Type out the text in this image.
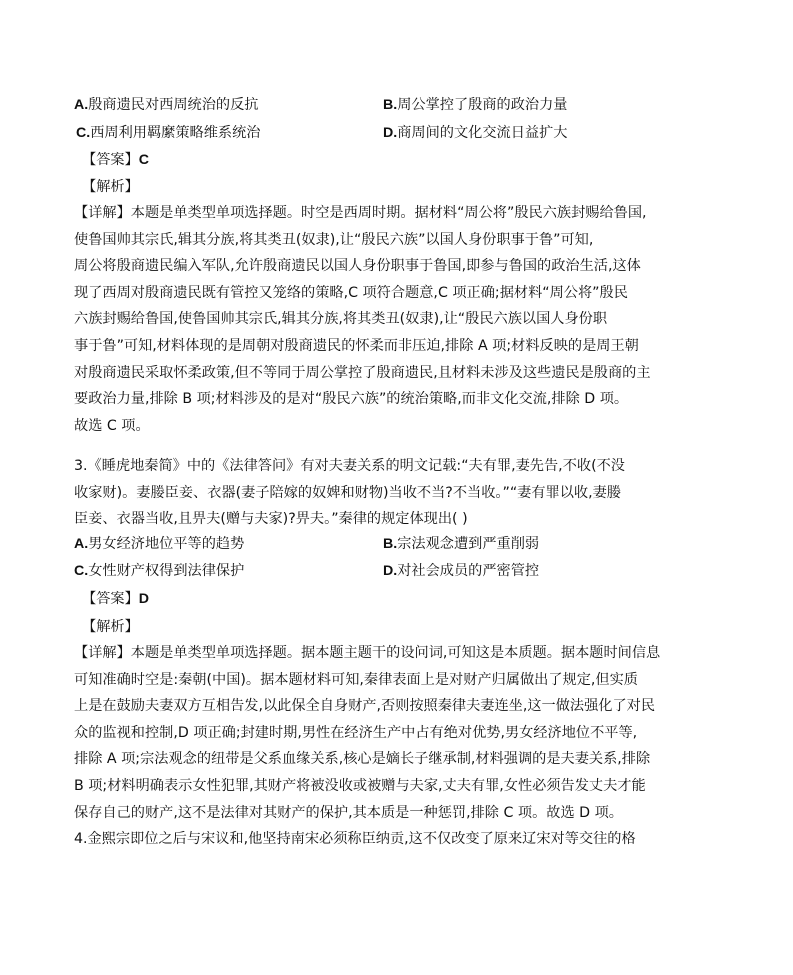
A.殷商遗民对西周统治的反抗	B.周公掌控了殷商的政治力量
C.西周利用羁縻策略维系统治	D.商周间的文化交流日益扩大
【答案】C
【解析】
【详解】本题是单类型单项选择题。时空是西周时期。据材料“周公将”殷民六族封赐给鲁国,
使鲁国帅其宗氏,辑其分族,将其类丑(奴隶),让“殷民六族”以国人身份职事于鲁”可知,
周公将殷商遗民编入军队,允许殷商遗民以国人身份职事于鲁国,即参与鲁国的政治生活,这体
现了西周对殷商遗民既有管控又笼络的策略,C 项符合题意,C 项正确;据材料“周公将”殷民
六族封赐给鲁国,使鲁国帅其宗氏,辑其分族,将其类丑(奴隶),让“殷民六族以国人身份职
事于鲁”可知,材料体现的是周朝对殷商遗民的怀柔而非压迫,排除 A 项;材料反映的是周王朝
对殷商遗民采取怀柔政策,但不等同于周公掌控了殷商遗民,且材料未涉及这些遗民是殷商的主
要政治力量,排除 B 项;材料涉及的是对“殷民六族”的统治策略,而非文化交流,排除 D 项。
故选 C 项。
3.《睡虎地秦简》中的《法律答问》有对夫妻关系的明文记载:“夫有罪,妻先告,不收(不没
收家财)。妻媵臣妾、衣器(妻子陪嫁的奴婢和财物)当收不当?不当收。”“妻有罪以收,妻媵
臣妾、衣器当收,且畀夫(赠与夫家)?畀夫。”秦律的规定体现出( )
A.男女经济地位平等的趋势	B.宗法观念遭到严重削弱
C.女性财产权得到法律保护	D.对社会成员的严密管控
【答案】D
【解析】
【详解】本题是单类型单项选择题。据本题主题干的设问词,可知这是本质题。据本题时间信息
可知准确时空是:秦朝(中国)。据本题材料可知,秦律表面上是对财产归属做出了规定,但实质
上是在鼓励夫妻双方互相告发,以此保全自身财产,否则按照秦律夫妻连坐,这一做法强化了对民
众的监视和控制,D 项正确;封建时期,男性在经济生产中占有绝对优势,男女经济地位不平等,
排除 A 项;宗法观念的纽带是父系血缘关系,核心是嫡长子继承制,材料强调的是夫妻关系,排除
B 项;材料明确表示女性犯罪,其财产将被没收或被赠与夫家,丈夫有罪,女性必须告发丈夫才能
保存自己的财产,这不是法律对其财产的保护,其本质是一种惩罚,排除 C 项。故选 D 项。
4.金熙宗即位之后与宋议和,他坚持南宋必须称臣纳贡,这不仅改变了原来辽宋对等交往的格
